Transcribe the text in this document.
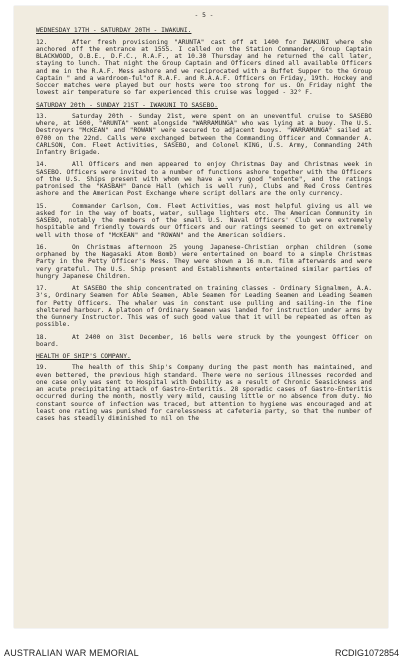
- 5 -
WEDNESDAY 17TH - SATURDAY 20TH - IWAKUNI.
12.	After fresh provisioning "ARUNTA" cast off at 1400 for IWAKUNI where she anchored off the entrance at 1555. I called on the Station Commander, Group Captain BLACKWOOD, O.B.E., D.F.C., R.A.F., at 10.30 Thursday and he returned the call later, staying to lunch. That night the Group Captain and Officers dined all available Officers and me in the R.A.F. Mess ashore and we reciprocated with a Buffet Supper to the Group Captain " and a wardroom-ful"of R.A.F. and R.A.A.F. Officers on Friday, 19th. Hockey and Soccer matches were played but our hosts were too strong for us. On Friday night the lowest air temperature so far experienced this cruise was logged - 32° F.
SATURDAY 20th - SUNDAY 21ST - IWAKUNI TO SASEBO.
13.	Saturday 20th - Sunday 21st, were spent on an uneventful cruise to SASEBO where, at 1600, "ARUNTA" went alongside "WARRAMUNGA" who was lying at a buoy. The U.S. Destroyers "McKEAN" and "ROWAN" were secured to adjacent buoys. "WARRAMUNGA" sailed at 0700 on the 22nd. Calls were exchanged between the Commanding Officer and Commander A. CARLSON, Com. Fleet Activities, SASEBO, and Colonel KING, U.S. Army, Commanding 24th Infantry Brigade.
14.	All Officers and men appeared to enjoy Christmas Day and Christmas week in SASEBO. Officers were invited to a number of functions ashore together with the Officers of the U.S. Ships present with whom we have a very good "entente", and the ratings patronised the "KASBAH" Dance Hall (which is well run), Clubs and Red Cross Centres ashore and the American Post Exchange where script dollars are the only currency.
15.	Commander Carlson, Com. Fleet Activities, was most helpful giving us all we asked for in the way of boats, water, sullage lighters etc. The American Community in SASEBO, notably the members of the small U.S. Naval Officers' Club were extremely hospitable and friendly towards our Officers and our ratings seemed to get on extremely well with those of "McKEAN" and "ROWAN" and the American soldiers.
16.	On Christmas afternoon 25 young Japanese-Christian orphan children (some orphaned by the Nagasaki Atom Bomb) were entertained on board to a simple Christmas Party in the Petty Officer's Mess. They were shown a 16 m.m. film afterwards and were very grateful. The U.S. Ship present and Establishments entertained similar parties of hungry Japanese Children.
17.	At SASEBO the ship concentrated on training classes - Ordinary Signalmen, A.A. 3's, Ordinary Seamen for Able Seamen, Able Seamen for Leading Seamen and Leading Seamen for Petty Officers. The whaler was in constant use pulling and sailing-in the fine sheltered harbour. A platoon of Ordinary Seamen was landed for instruction under arms by the Gunnery Instructor. This was of such good value that it will be repeated as often as possible.
18.	At 2400 on 31st December, 16 bells were struck by the youngest Officer on board.
HEALTH OF SHIP'S COMPANY.
19.	The health of this Ship's Company during the past month has maintained, and even bettered, the previous high standard. There were no serious illnesses recorded and one case only was sent to Hospital with Debility as a result of Chronic Seasickness and an acute precipitating attack of Gastro-Enteritis. 28 sporadic cases of Gastro-Enteritis occurred during the month, mostly very mild, causing little or no absence from duty. No constant source of infection was traced, but attention to hygiene was encouraged and at least one rating was punished for carelessness at cafeteria party, so that the number of cases has steadily diminished to nil on the
AUSTRALIAN WAR MEMORIAL	RCDIG1072854
